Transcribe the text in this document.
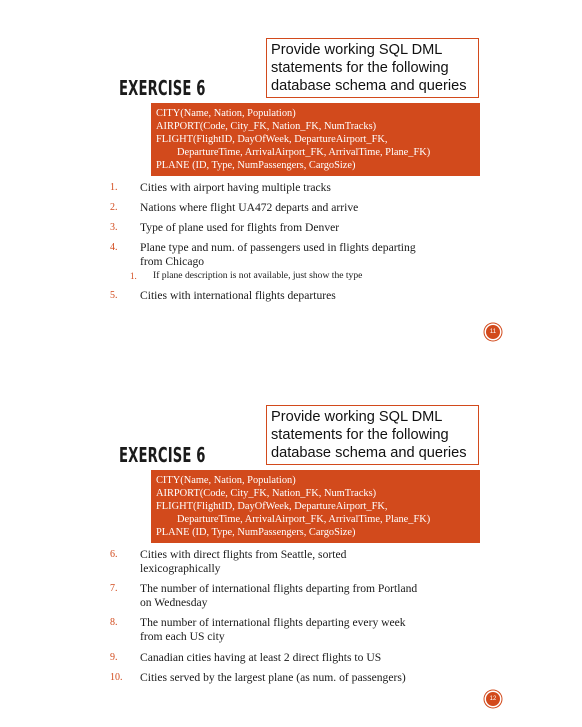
Provide working SQL DML
statements for the following
database schema and queries
EXERCISE 6
CITY(Name, Nation, Population)
AIRPORT(Code, City_FK, Nation_FK, NumTracks)
FLIGHT(FlightID, DayOfWeek, DepartureAirport_FK,
DepartureTime, ArrivalAirport_FK, ArrivalTime, Plane_FK)
PLANE (ID, Type, NumPassengers, CargoSize)
1.	Cities with airport having multiple tracks
2.	Nations where flight UA472 departs and arrive
3.	Type of plane used for flights from Denver
4.	Plane type and num. of passengers used in flights departing
from Chicago
1.	If plane description is not available, just show the type
5.	Cities with international flights departures
11
Provide working SQL DML
statements for the following
database schema and queries
EXERCISE 6
CITY(Name, Nation, Population)
AIRPORT(Code, City_FK, Nation_FK, NumTracks)
FLIGHT(FlightID, DayOfWeek, DepartureAirport_FK,
DepartureTime, ArrivalAirport_FK, ArrivalTime, Plane_FK)
PLANE (ID, Type, NumPassengers, CargoSize)
6.	Cities with direct flights from Seattle, sorted
lexicographically
7.	The number of international flights departing from Portland
on Wednesday
8.	The number of international flights departing every week
from each US city
9.	Canadian cities having at least 2 direct flights to US
10.	Cities served by the largest plane (as num. of passengers)
12
